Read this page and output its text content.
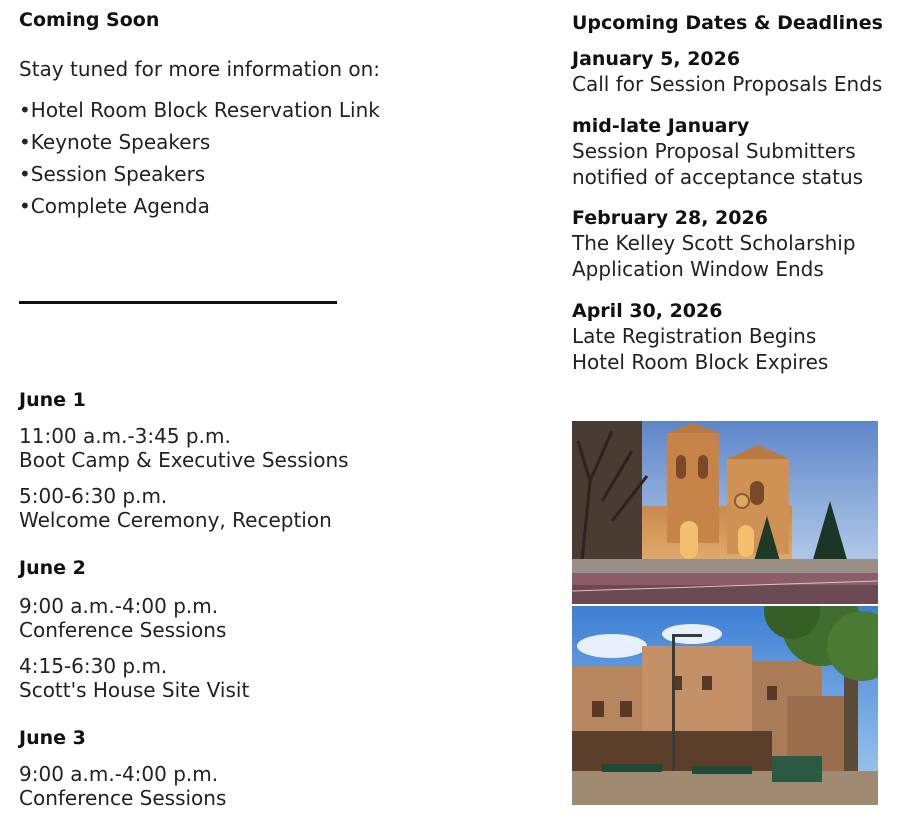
Coming Soon
Stay tuned for more information on:
• Hotel Room Block Reservation Link
• Keynote Speakers
• Session Speakers
• Complete Agenda
June 1
11:00 a.m.-3:45 p.m.
Boot Camp & Executive Sessions
5:00-6:30 p.m.
Welcome Ceremony, Reception
June 2
9:00 a.m.-4:00 p.m.
Conference Sessions
4:15-6:30 p.m.
Scott's House Site Visit
June 3
9:00 a.m.-4:00 p.m.
Conference Sessions
Upcoming Dates & Deadlines
January 5, 2026
Call for Session Proposals Ends
mid-late January
Session Proposal Submitters
notified of acceptance status
February 28, 2026
The Kelley Scott Scholarship
Application Window Ends
April 30, 2026
Late Registration Begins
Hotel Room Block Expires
